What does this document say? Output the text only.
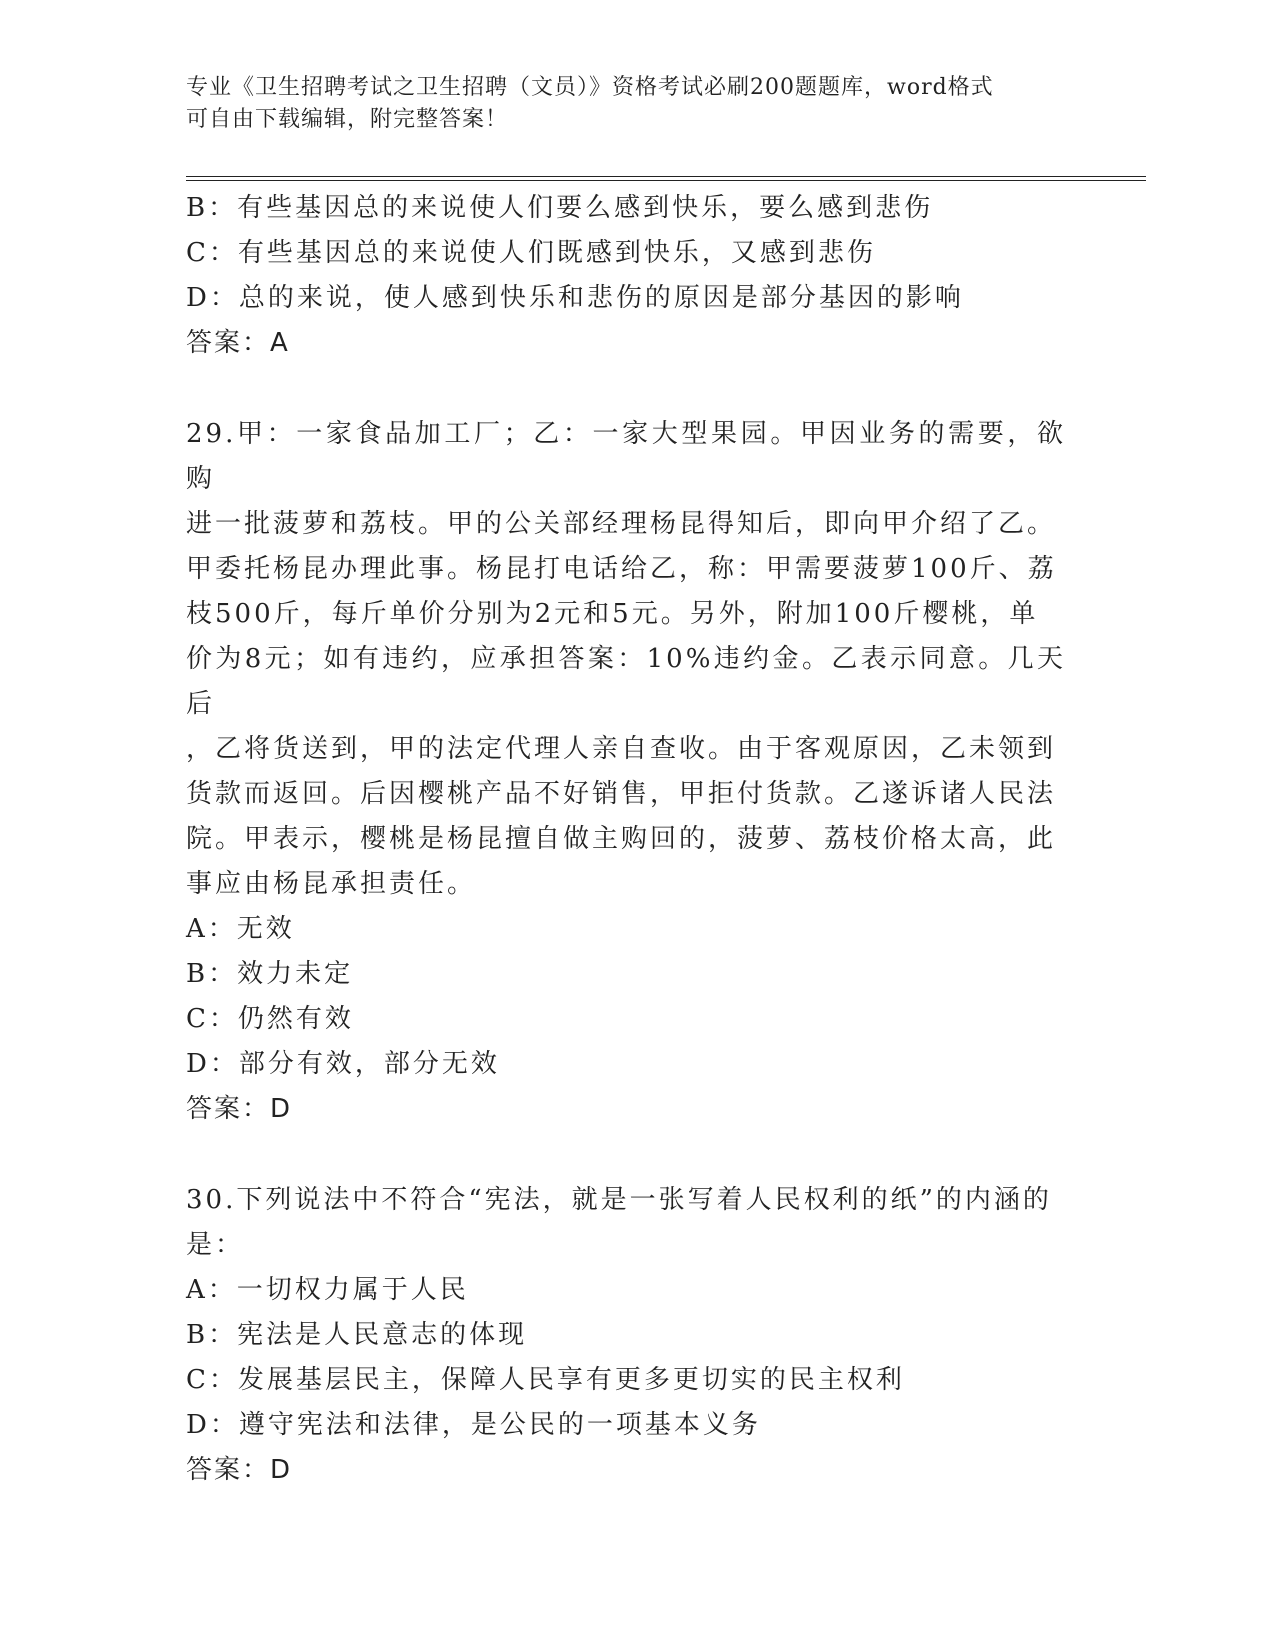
专业《卫生招聘考试之卫生招聘（文员）》资格考试必刷200题题库，word格式
可自由下载编辑，附完整答案！
B：有些基因总的来说使人们要么感到快乐，要么感到悲伤
C：有些基因总的来说使人们既感到快乐，又感到悲伤
D：总的来说，使人感到快乐和悲伤的原因是部分基因的影响
答案：A
29.甲：一家食品加工厂；乙：一家大型果园。甲因业务的需要，欲购
进一批菠萝和荔枝。甲的公关部经理杨昆得知后，即向甲介绍了乙。
甲委托杨昆办理此事。杨昆打电话给乙，称：甲需要菠萝100斤、荔
枝500斤，每斤单价分别为2元和5元。另外，附加100斤樱桃，单
价为8元；如有违约，应承担答案：10%违约金。乙表示同意。几天后
，乙将货送到，甲的法定代理人亲自查收。由于客观原因，乙未领到
货款而返回。后因樱桃产品不好销售，甲拒付货款。乙遂诉诸人民法
院。甲表示，樱桃是杨昆擅自做主购回的，菠萝、荔枝价格太高，此
事应由杨昆承担责任。
A：无效
B：效力未定
C：仍然有效
D：部分有效，部分无效
答案：D
30.下列说法中不符合“宪法，就是一张写着人民权利的纸”的内涵的
是：
A：一切权力属于人民
B：宪法是人民意志的体现
C：发展基层民主，保障人民享有更多更切实的民主权利
D：遵守宪法和法律，是公民的一项基本义务
答案：D
